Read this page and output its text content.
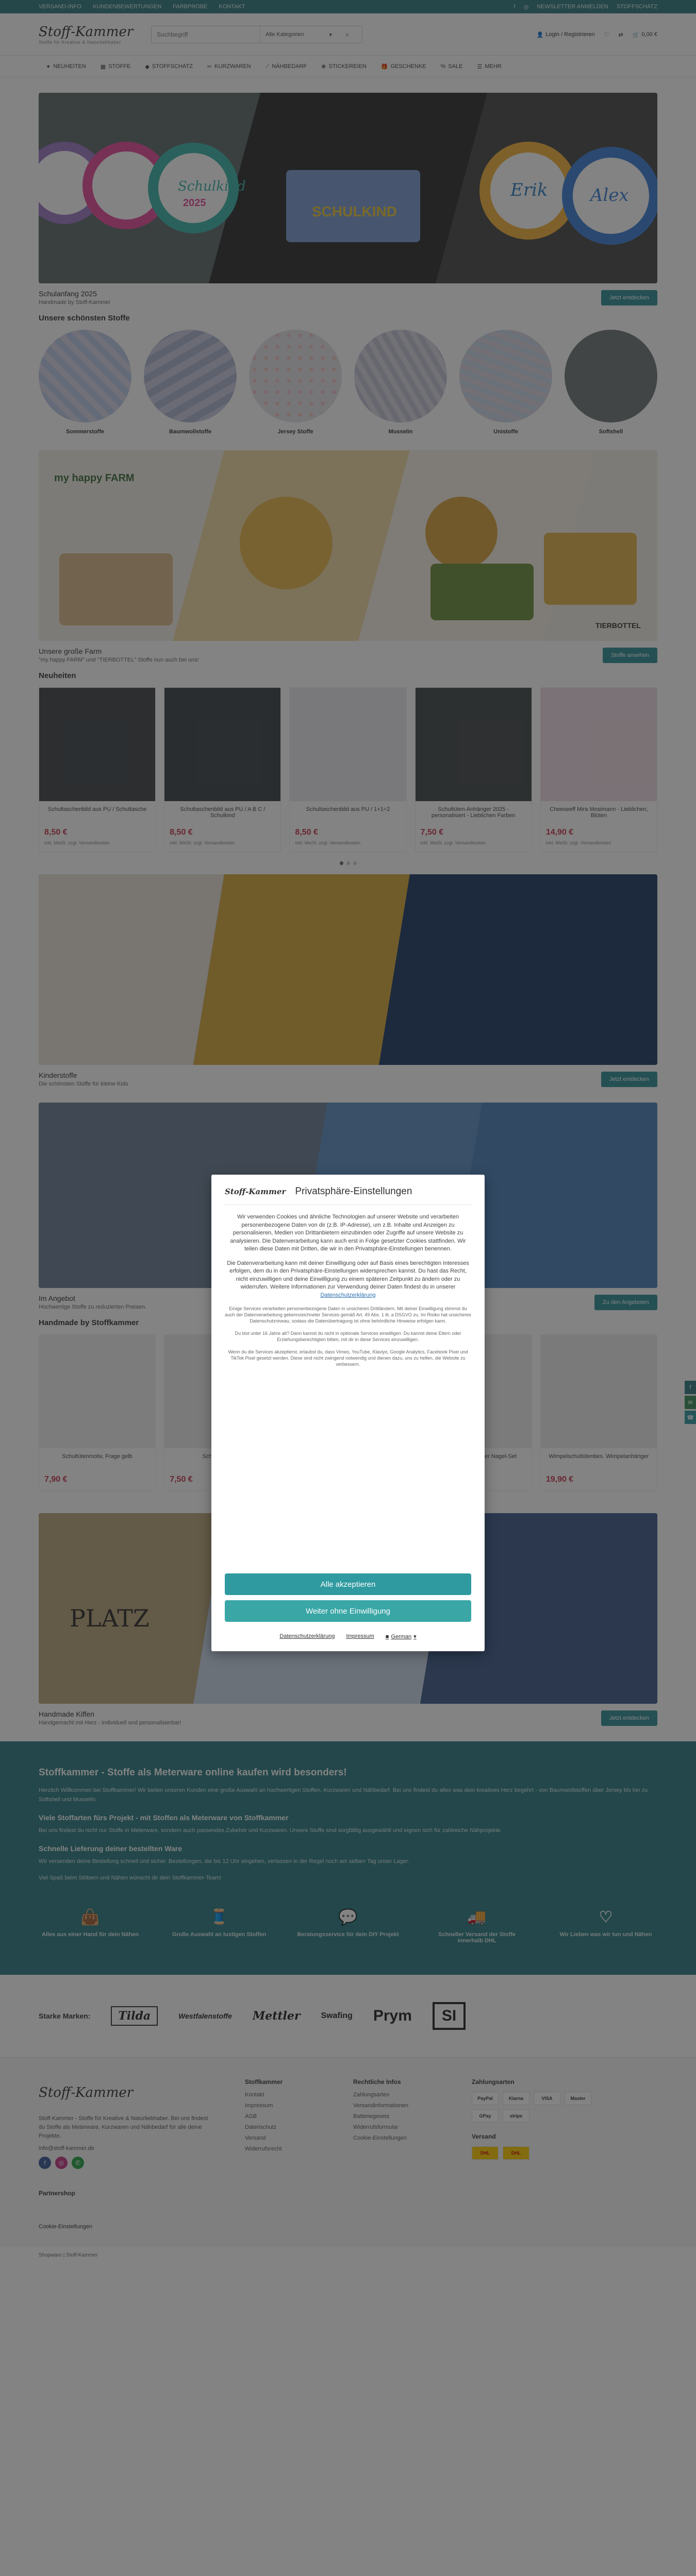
Suchbegriff

Stoff-Kammer Privatsphäre-Einstellungen

Wir verwenden Cookies und ähnliche Technologien auf unserer Website und verarbeiten personenbezogene Daten von dir (z.B. IP-Adresse), um z.B. Inhalte und Anzeigen zu personalisieren, Medien von Drittanbietern einzubinden oder Zugriffe auf unsere Website zu analysieren. Die Datenverarbeitung kann auch erst in Folge gesetzter Cookies stattfinden. Wir teilen diese Daten mit Dritten, die wir in den Privatsphäre-Einstellungen benennen.

Die Datenverarbeitung kann mit deiner Einwilligung oder auf Basis eines berechtigten Interesses erfolgen, dem du in den Privatsphäre-Einstellungen widersprechen kannst. Du hast das Recht, nicht einzuwilligen und deine Einwilligung zu einem späteren Zeitpunkt zu ändern oder zu widerrufen. Weitere Informationen zur Verwendung deiner Daten findest du in unserer Datenschutzerklärung

Einige Services verarbeiten personenbezogene Daten in unsicheren Drittländern. Mit deiner Einwilligung stimmst du auch der Datenverarbeitung gekennzeichneter Services gemäß Art. 49 Abs. 1 lit. a DSGVO zu. Im Risiko hat unsicheres Datenschutzniveau, sodass die Datenübertragung ist ohne behördliche Hinweise erfolgen kann.

Du bist unter 16 Jahre alt? Dann kannst du nicht in optionale Services einwilligen. Du kannst deine Eltern oder Erziehungsberechtigten bitten, mit dir in diese Services einzuwilligen.

Wenn du die Services akzeptierst, erlaubst du, dass Vimeo, YouTube, Klaviyo, Google Analytics, Facebook Pixel und TikTok Pixel gesetzt werden. Diese sind nicht zwingend notwendig und dienen dazu, uns zu helfen, die Website zu verbessern.

Alle akzeptieren
Weiter ohne Einwilligung
Datenschutzerklärung Impressum ■ German ▾
